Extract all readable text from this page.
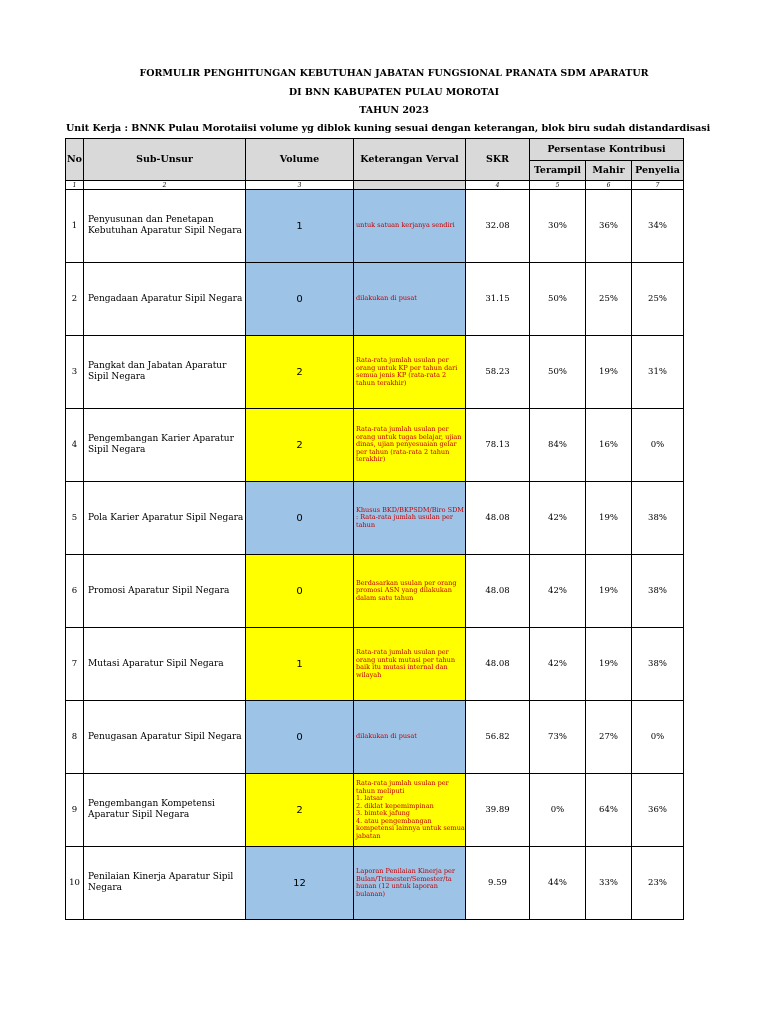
FORMULIR PENGHITUNGAN KEBUTUHAN JABATAN FUNGSIONAL PRANATA SDM APARATUR
DI BNN KABUPATEN PULAU MOROTAI
TAHUN 2023
Unit Kerja : BNNK Pulau Morotai isi volume yg diblok kuning sesuai dengan keterangan, blok biru sudah distandardisasi
No	Sub-Unsur	Volume	Keterangan Verval	SKR	Persentase Kontribusi		
					Terampil	Mahir	Penyelia
1	2	3		4	5	6	7
1	Penyusunan dan Penetapan Kebutuhan Aparatur Sipil Negara	1	untuk satuan kerjanya sendiri	32.08	30%	36%	34%
2	Pengadaan Aparatur Sipil Negara	0	dilakukan di pusat	31.15	50%	25%	25%
3	Pangkat dan Jabatan Aparatur Sipil Negara	2	Rata-rata jumlah usulan per orang untuk KP per tahun dari semua jenis KP (rata-rata 2 tahun terakhir)	58.23	50%	19%	31%
4	Pengembangan Karier Aparatur Sipil Negara	2	Rata-rata jumlah usulan per orang untuk tugas belajar, ujian dinas, ujian penyesuaian gelar per tahun (rata-rata 2 tahun terakhir)	78.13	84%	16%	0%
5	Pola Karier Aparatur Sipil Negara	0	Khusus BKD/BKPSDM/Biro SDM : Rata-rata jumlah usulan per tahun	48.08	42%	19%	38%
6	Promosi Aparatur Sipil Negara	0	Berdasarkan usulan per orang promosi ASN yang dilakukan dalam satu tahun	48.08	42%	19%	38%
7	Mutasi Aparatur Sipil Negara	1	Rata-rata jumlah usulan per orang untuk mutasi per tahun baik itu mutasi internal dan wilayah	48.08	42%	19%	38%
8	Penugasan Aparatur Sipil Negara	0	dilakukan di pusat	56.82	73%	27%	0%
9	Pengembangan Kompetensi Aparatur Sipil Negara	2	Rata-rata jumlah usulan per tahun meliputi
1. latsar
2. diklat kepemimpinan
3. bimtek jafung
4. atau pengembangan kompetensi lainnya untuk semua jabatan	39.89	0%	64%	36%
10	Penilaian Kinerja Aparatur Sipil Negara	12	Laporan Penilaian Kinerja per Bulan/Trimester/Semester/ta hunan (12 untuk laporan bulanan)	9.59	44%	33%	23%
